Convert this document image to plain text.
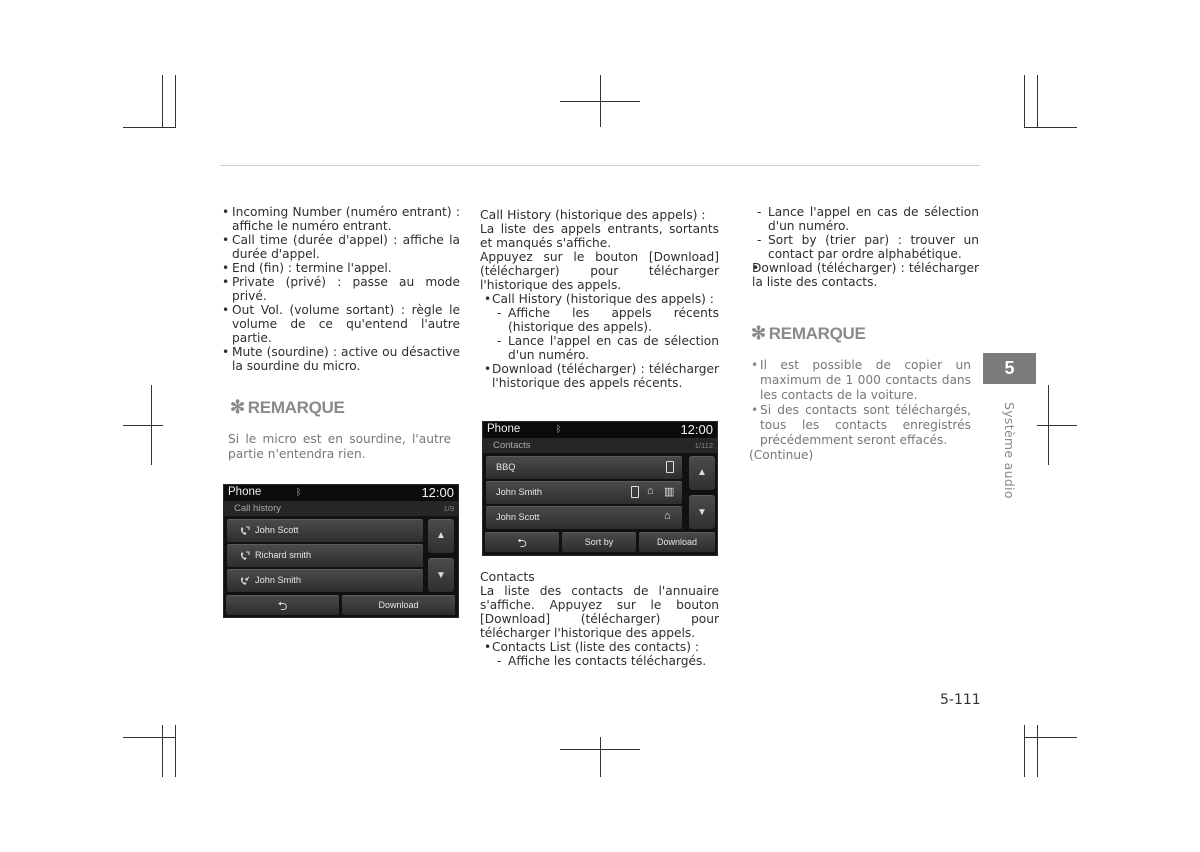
• Incoming Number (numéro entrant) : affiche le numéro entrant.

• Call time (durée d'appel) : affiche la durée d'appel.

• End (fin) : termine l'appel.

• Private (privé) : passe au mode privé.

• Out Vol. (volume sortant) : règle le volume de ce qu'entend l'autre partie.

• Mute (sourdine) : active ou désactive la sourdine du micro.

✻ REMARQUE
Si le micro est en sourdine, l'autre partie n'entendra rien.
Phone	ᛒ	12:00
Call history	1/9
John Scott
Richard smith
John Smith
▲
▼
⮌	Download

Call History (historique des appels) :

La liste des appels entrants, sortants et manqués s'affiche.

Appuyez sur le bouton [Download] (télécharger) pour télécharger l'historique des appels.

• Call History (historique des appels) :

- Affiche les appels récents (historique des appels).

- Lance l'appel en cas de sélection d'un numéro.

• Download (télécharger) : télécharger l'historique des appels récents.

Phone	ᛒ	12:00
Contacts	1/112
BBQ
John Smith	⌂ ▥
John Scott	⌂
▲
▼
⮌	Sort by	Download

Contacts

La liste des contacts de l'annuaire s'affiche. Appuyez sur le bouton [Download] (télécharger) pour télécharger l'historique des appels.

• Contacts List (liste des contacts) :

- Affiche les contacts téléchargés.

- Lance l'appel en cas de sélection d'un numéro.

- Sort by (trier par) : trouver un contact par ordre alphabétique.

• Download (télécharger) : télécharger la liste des contacts.

✻ REMARQUE

• Il est possible de copier un maximum de 1 000 contacts dans les contacts de la voiture.

• Si des contacts sont téléchargés, tous les contacts enregistrés précédemment seront effacés.

(Continue)

5
Système audio
5-111
